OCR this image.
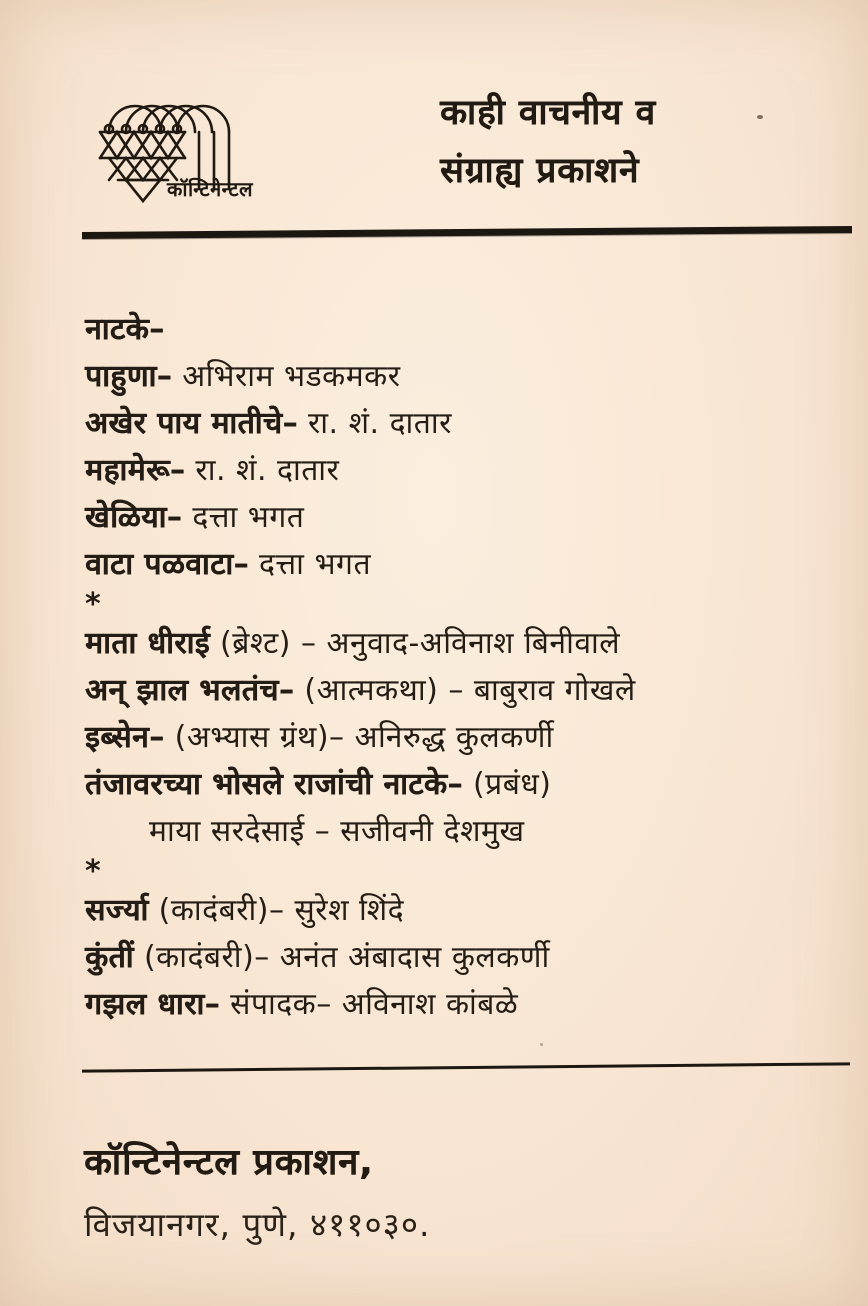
कॉन्टिनेन्टल
काही वाचनीय व
संग्राह्य प्रकाशने
नाटके–
पाहुणा– अभिराम भडकमकर
अखेर पाय मातीचे– रा. शं. दातार
महामेरू– रा. शं. दातार
खेळिया– दत्ता भगत
वाटा पळवाटा– दत्ता भगत
*
माता धीराई (ब्रेश्ट) – अनुवाद-अविनाश बिनीवाले
अन् झाल भलतंच– (आत्मकथा) – बाबुराव गोखले
इब्सेन– (अभ्यास ग्रंथ)– अनिरुद्ध कुलकर्णी
तंजावरच्या भोसले राजांची नाटके– (प्रबंध)
माया सरदेसाई – सजीवनी देशमुख
*
सर्ज्या (कादंबरी)– सुरेश शिंदे
कुंतीं (कादंबरी)– अनंत अंबादास कुलकर्णी
गझल धारा– संपादक– अविनाश कांबळे
कॉन्टिनेन्टल प्रकाशन,
विजयानगर, पुणे, ४११०३०.
